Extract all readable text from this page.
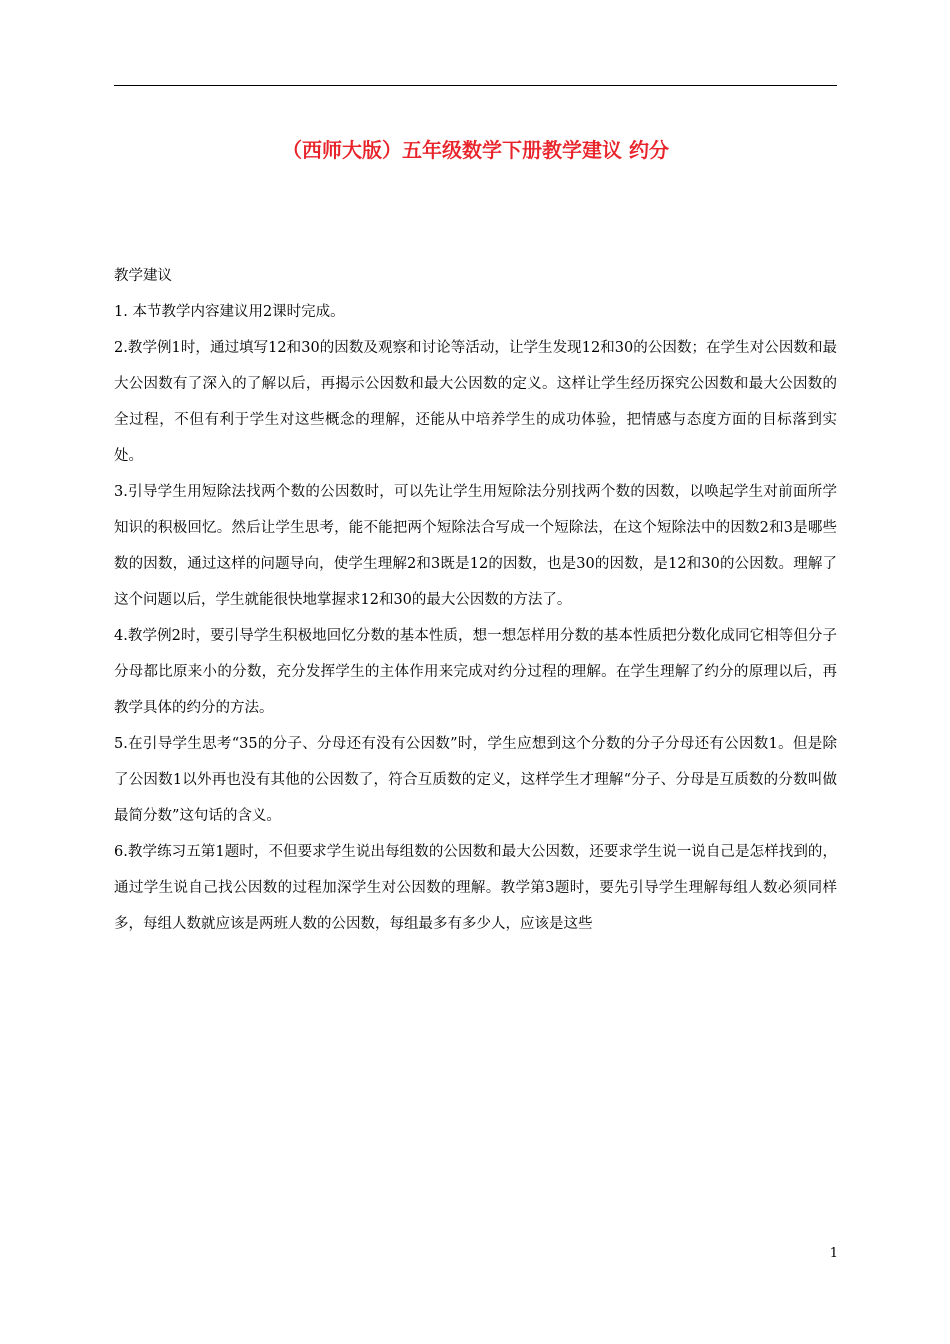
（西师大版）五年级数学下册教学建议 约分

教学建议

1. 本节教学内容建议用2课时完成。

2.教学例1时，通过填写12和30的因数及观察和讨论等活动，让学生发现12和30的公因数；在学生对公因数和最大公因数有了深入的了解以后，再揭示公因数和最大公因数的定义。这样让学生经历探究公因数和最大公因数的全过程，不但有利于学生对这些概念的理解，还能从中培养学生的成功体验，把情感与态度方面的目标落到实处。

3.引导学生用短除法找两个数的公因数时，可以先让学生用短除法分别找两个数的因数，以唤起学生对前面所学知识的积极回忆。然后让学生思考，能不能把两个短除法合写成一个短除法，在这个短除法中的因数2和3是哪些数的因数，通过这样的问题导向，使学生理解2和3既是12的因数，也是30的因数，是12和30的公因数。理解了这个问题以后，学生就能很快地掌握求12和30的最大公因数的方法了。

4.教学例2时，要引导学生积极地回忆分数的基本性质，想一想怎样用分数的基本性质把分数化成同它相等但分子分母都比原来小的分数，充分发挥学生的主体作用来完成对约分过程的理解。在学生理解了约分的原理以后，再教学具体的约分的方法。

5.在引导学生思考“35的分子、分母还有没有公因数”时，学生应想到这个分数的分子分母还有公因数1。但是除了公因数1以外再也没有其他的公因数了，符合互质数的定义，这样学生才理解“分子、分母是互质数的分数叫做最简分数”这句话的含义。

6.教学练习五第1题时，不但要求学生说出每组数的公因数和最大公因数，还要求学生说一说自己是怎样找到的，通过学生说自己找公因数的过程加深学生对公因数的理解。教学第3题时，要先引导学生理解每组人数必须同样多，每组人数就应该是两班人数的公因数，每组最多有多少人，应该是这些

1
